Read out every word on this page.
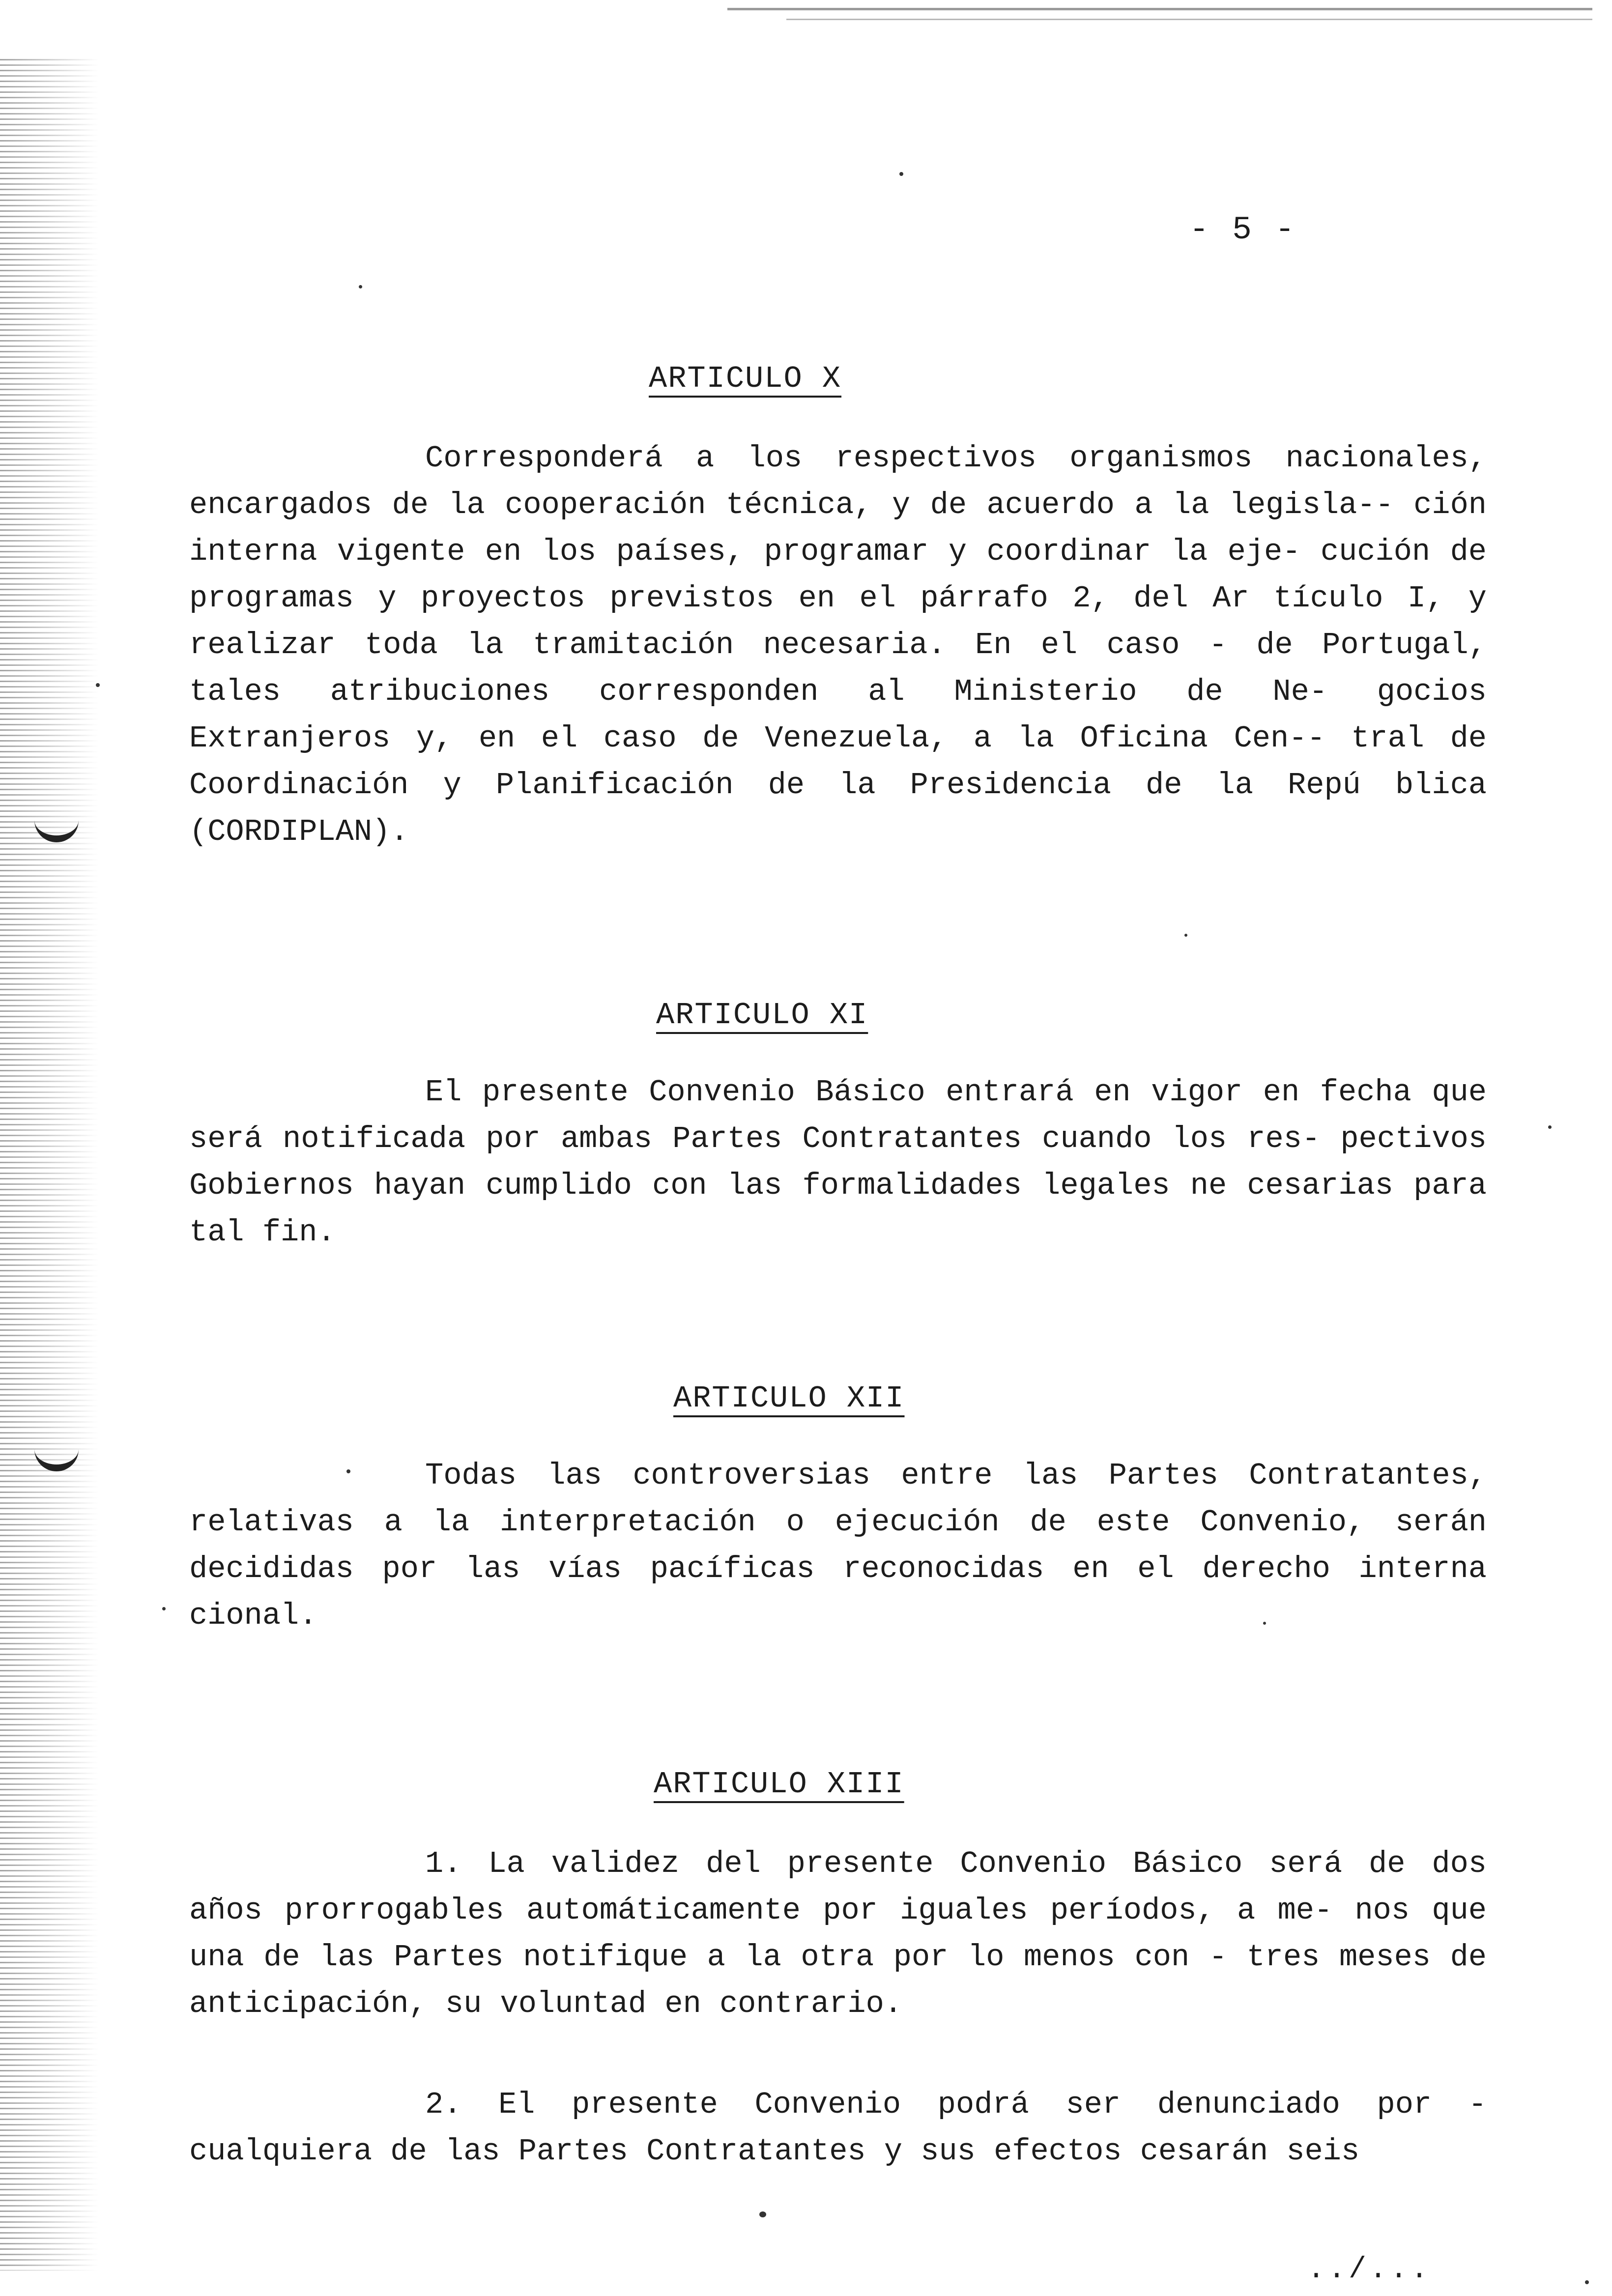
- 5 -
ARTICULO X
Corresponderá a los respectivos organismos nacionales, encargados de la cooperación técnica, y de acuerdo a la legisla-- ción interna vigente en los países, programar y coordinar la eje- cución de programas y proyectos previstos en el párrafo 2, del Ar tículo I, y realizar toda la tramitación necesaria. En el caso - de Portugal, tales atribuciones corresponden al Ministerio de Ne- gocios Extranjeros y, en el caso de Venezuela, a la Oficina Cen-- tral de Coordinación y Planificación de la Presidencia de la Repú blica (CORDIPLAN).
ARTICULO XI
El presente Convenio Básico entrará en vigor en fecha que será notificada por ambas Partes Contratantes cuando los res- pectivos Gobiernos hayan cumplido con las formalidades legales ne cesarias para tal fin.
ARTICULO XII
Todas las controversias entre las Partes Contratantes, relativas a la interpretación o ejecución de este Convenio, serán decididas por las vías pacíficas reconocidas en el derecho interna cional.
ARTICULO XIII
1. La validez del presente Convenio Básico será de dos años prorrogables automáticamente por iguales períodos, a me- nos que una de las Partes notifique a la otra por lo menos con - tres meses de anticipación, su voluntad en contrario.
2. El presente Convenio podrá ser denunciado por - cualquiera de las Partes Contratantes y sus efectos cesarán seis
../...
